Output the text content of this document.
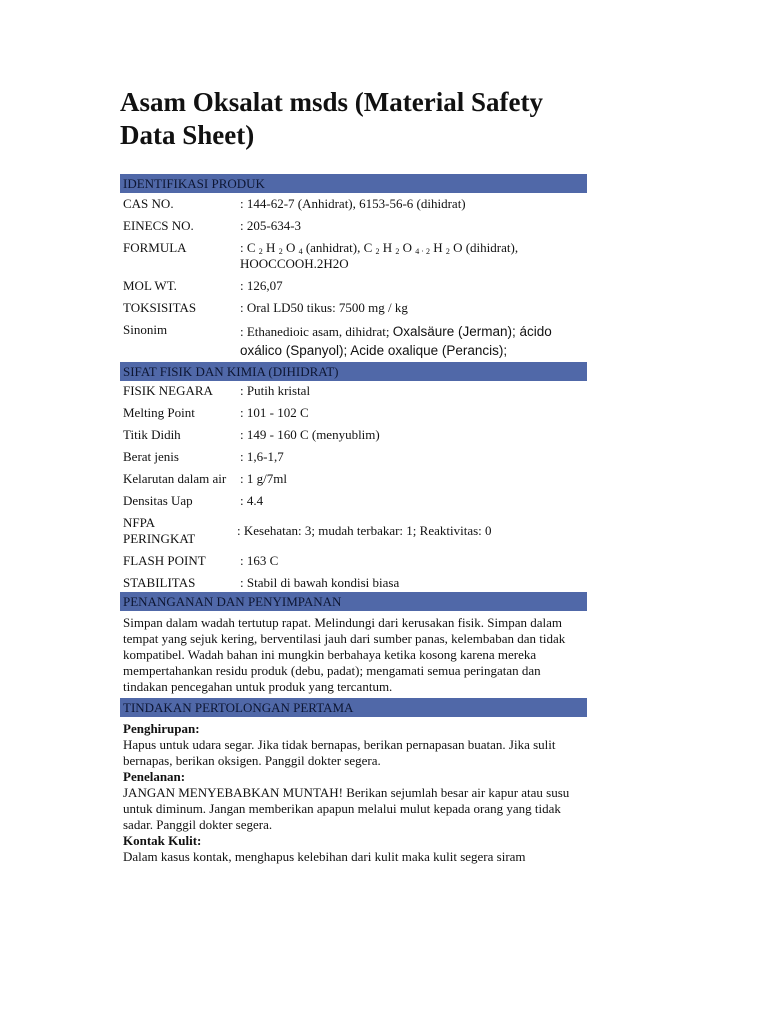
Asam Oksalat msds (Material Safety Data Sheet)
IDENTIFIKASI PRODUK
CAS NO.	: 144-62-7 (Anhidrat), 6153-56-6 (dihidrat)
EINECS NO.	: 205-634-3
FORMULA	: C $_2$ H $_2$ O $_4$ (anhidrat), C $_2$ H $_2$ O $_{4 \cdot 2}$ H $_2$ O (dihidrat),
HOOCCOOH.2H2O
MOL WT.	: 126,07
TOKSISITAS	: Oral LD50 tikus: 7500 mg / kg
Sinonim	: Ethanedioic asam, dihidrat; Oxalsäure (Jerman); ácido oxálico (Spanyol); Acide oxalique (Perancis);
SIFAT FISIK DAN KIMIA (DIHIDRAT)
FISIK NEGARA	: Putih kristal
Melting Point	: 101 - 102 C
Titik Didih	: 149 - 160 C (menyublim)
Berat jenis	: 1,6-1,7
Kelarutan dalam air	: 1 g/7ml
Densitas Uap	: 4.4
NFPA PERINGKAT
: Kesehatan: 3; mudah terbakar: 1; Reaktivitas: 0
FLASH POINT	: 163 C
STABILITAS	: Stabil di bawah kondisi biasa
PENANGANAN DAN PENYIMPANAN
Simpan dalam wadah tertutup rapat. Melindungi dari kerusakan fisik. Simpan dalam tempat yang sejuk kering, berventilasi jauh dari sumber panas, kelembaban dan tidak kompatibel. Wadah bahan ini mungkin berbahaya ketika kosong karena mereka mempertahankan residu produk (debu, padat); mengamati semua peringatan dan tindakan pencegahan untuk produk yang tercantum.
TINDAKAN PERTOLONGAN PERTAMA
Penghirupan:
Hapus untuk udara segar. Jika tidak bernapas, berikan pernapasan buatan. Jika sulit bernapas, berikan oksigen. Panggil dokter segera.
Penelanan:
JANGAN MENYEBABKAN MUNTAH! Berikan sejumlah besar air kapur atau susu untuk diminum. Jangan memberikan apapun melalui mulut kepada orang yang tidak sadar. Panggil dokter segera.
Kontak Kulit:
Dalam kasus kontak, menghapus kelebihan dari kulit maka kulit segera siram
